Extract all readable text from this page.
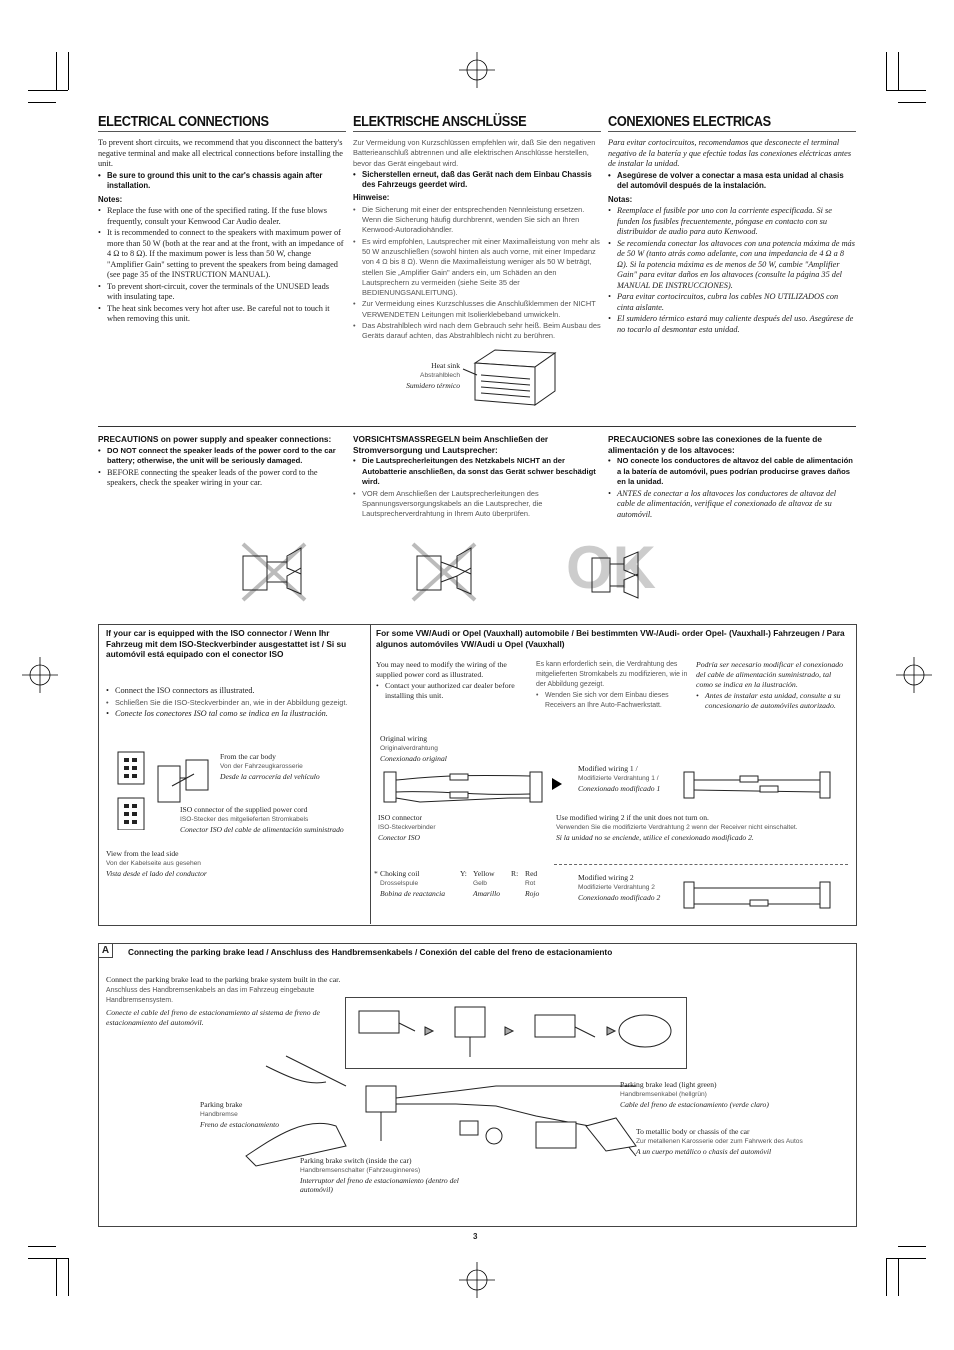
ELECTRICAL CONNECTIONS	ELEKTRISCHE ANSCHLÜSSE	CONEXIONES ELECTRICAS

To prevent short circuits, we recommend that you disconnect the battery's negative terminal and make all electrical connections before installing the unit.

• Be sure to ground this unit to the car's chassis again after installation.

Notes:

• Replace the fuse with one of the specified rating. If the fuse blows frequently, consult your Kenwood Car Audio dealer.

• It is recommended to connect to the speakers with maximum power of more than 50 W (both at the rear and at the front, with an impedance of 4 Ω to 8 Ω). If the maximum power is less than 50 W, change "Amplifier Gain" setting to prevent the speakers from being damaged (see page 35 of the INSTRUCTION MANUAL).

• To prevent short-circuit, cover the terminals of the UNUSED leads with insulating tape.

• The heat sink becomes very hot after use. Be careful not to touch it when removing this unit.

Zur Vermeidung von Kurzschlüssen empfehlen wir, daß Sie den negativen Batterieanschluß abtrennen und alle elektrischen Anschlüsse herstellen, bevor das Gerät eingebaut wird.

• Sicherstellen erneut, daß das Gerät nach dem Einbau Chassis des Fahrzeugs geerdet wird.

Hinweise:

• Die Sicherung mit einer der entsprechenden Nennleistung ersetzen. Wenn die Sicherung häufig durchbrennt, wenden Sie sich an Ihren Kenwood-Autoradiohändler.

• Es wird empfohlen, Lautsprecher mit einer Maximalleistung von mehr als 50 W anzuschließen (sowohl hinten als auch vorne, mit einer Impedanz von 4 Ω bis 8 Ω). Wenn die Maximalleistung weniger als 50 W beträgt, stellen Sie „Amplifier Gain" anders ein, um Schäden an den Lautsprechern zu vermeiden (siehe Seite 35 der BEDIENUNGSANLEITUNG).

• Zur Vermeidung eines Kurzschlusses die Anschlußklemmen der NICHT VERWENDETEN Leitungen mit Isolierklebeband umwickeln.

• Das Abstrahlblech wird nach dem Gebrauch sehr heiß. Beim Ausbau des Geräts darauf achten, das Abstrahlblech nicht zu berühren.

Para evitar cortocircuitos, recomendamos que desconecte el terminal negativo de la batería y que efectúe todas las conexiones eléctricas antes de instalar la unidad.

• Asegúrese de volver a conectar a masa esta unidad al chasis del automóvil después de la instalación.

Notas:

• Reemplace el fusible por uno con la corriente especificada. Si se funden los fusibles frecuentemente, póngase en contacto con su distribuidor de audio para auto Kenwood.

• Se recomienda conectar los altavoces con una potencia máxima de más de 50 W (tanto atrás como adelante, con una impedancia de 4 Ω a 8 Ω). Si la potencia máxima es de menos de 50 W, cambie "Amplifier Gain" para evitar daños en los altavoces (consulte la página 35 del MANUAL DE INSTRUCCIONES).

• Para evitar cortocircuitos, cubra los cables NO UTILIZADOS con cinta aislante.

• El sumidero térmico estará muy caliente después del uso. Asegúrese de no tocarlo al desmontar esta unidad.

Heat sink
Abstrahlblech
Sumidero térmico

PRECAUTIONS on power supply and speaker connections:

• DO NOT connect the speaker leads of the power cord to the car battery; otherwise, the unit will be seriously damaged.

• BEFORE connecting the speaker leads of the power cord to the speakers, check the speaker wiring in your car.

VORSICHTSMASSREGELN beim Anschließen der Stromversorgung und Lautsprecher:

• Die Lautsprecherleitungen des Netzkabels NICHT an der Autobatterie anschließen, da sonst das Gerät schwer beschädigt wird.

• VOR dem Anschließen der Lautsprecherleitungen des Spannungsversorgungskabels an die Lautsprecher, die Lautsprecherverdrahtung in Ihrem Auto überprüfen.

PRECAUCIONES sobre las conexiones de la fuente de alimentación y de los altavoces:

• NO conecte los conductores de altavoz del cable de alimentación a la batería de automóvil, pues podrían producirse graves daños en la unidad.

• ANTES de conectar a los altavoces los conductores de altavoz del cable de alimentación, verifique el conexionado de altavoz de su automóvil.

OK
If your car is equipped with the ISO connector / Wenn Ihr Fahrzeug mit dem ISO-Steckverbinder ausgestattet ist / Si su automóvil está equipado con el conector ISO

• Connect the ISO connectors as illustrated.

• Schließen Sie die ISO-Steckverbinder an, wie in der Abbildung gezeigt.

• Conecte los conectores ISO tal como se indica en la ilustración.

From the car body
Von der Fahrzeugkarosserie
Desde la carrocería del vehículo
ISO connector of the supplied power cord
ISO-Stecker des mitgelieferten Stromkabels
Conector ISO del cable de alimentación suministrado
View from the lead side
Von der Kabelseite aus gesehen
Vista desde el lado del conductor
For some VW/Audi or Opel (Vauxhall) automobile / Bei bestimmten VW-/Audi- order Opel- (Vauxhall-) Fahrzeugen / Para algunos automóviles VW/Audi u Opel (Vauxhall)

You may need to modify the wiring of the supplied power cord as illustrated.

• Contact your authorized car dealer before installing this unit.

Es kann erforderlich sein, die Verdrahtung des mitgelieferten Stromkabels zu modifizieren, wie in der Abbildung gezeigt.

• Wenden Sie sich vor dem Einbau dieses Receivers an Ihre Auto-Fachwerkstatt.

Podría ser necesario modificar el conexionado del cable de alimentación suministrado, tal como se indica en la ilustración.

• Antes de instalar esta unidad, consulte a su concesionario de automóviles autorizado.

Original wiring
Originalverdrahtung
Conexionado original
Modified wiring 1 /
Modifizierte Verdrahtung 1 /
Conexionado modificado 1
ISO connector
ISO-Steckverbinder
Conector ISO
Use modified wiring 2 if the unit does not turn on.
Verwenden Sie die modifizierte Verdrahtung 2 wenn der Receiver nicht einschaltet.
Si la unidad no se enciende, utilice el conexionado modificado 2.
* Choking coil
Drosselspule
Bobina de reactancia
Y: Yellow
Gelb
Amarillo
R: Red
Rot
Rojo
Modified wiring 2
Modifizierte Verdrahtung 2
Conexionado modificado 2
A	Connecting the parking brake lead / Anschluss des Handbremsenkabels / Conexión del cable del freno de estacionamiento

Connect the parking brake lead to the parking brake system built in the car.

Anschluss des Handbremsenkabels an das im Fahrzeug eingebaute Handbremsensystem.

Conecte el cable del freno de estacionamiento al sistema de freno de estacionamiento del automóvil.

Parking brake
Handbremse
Freno de estacionamiento
Parking brake switch (inside the car)
Handbremsenschalter (Fahrzeuginneres)
Interruptor del freno de estacionamiento (dentro del automóvil)
Parking brake lead (light green)
Handbremsenkabel (hellgrün)
Cable del freno de estacionamiento (verde claro)
To metallic body or chassis of the car
Zur metallenen Karosserie oder zum Fahrwerk des Autos
A un cuerpo metálico o chasis del automóvil
3
